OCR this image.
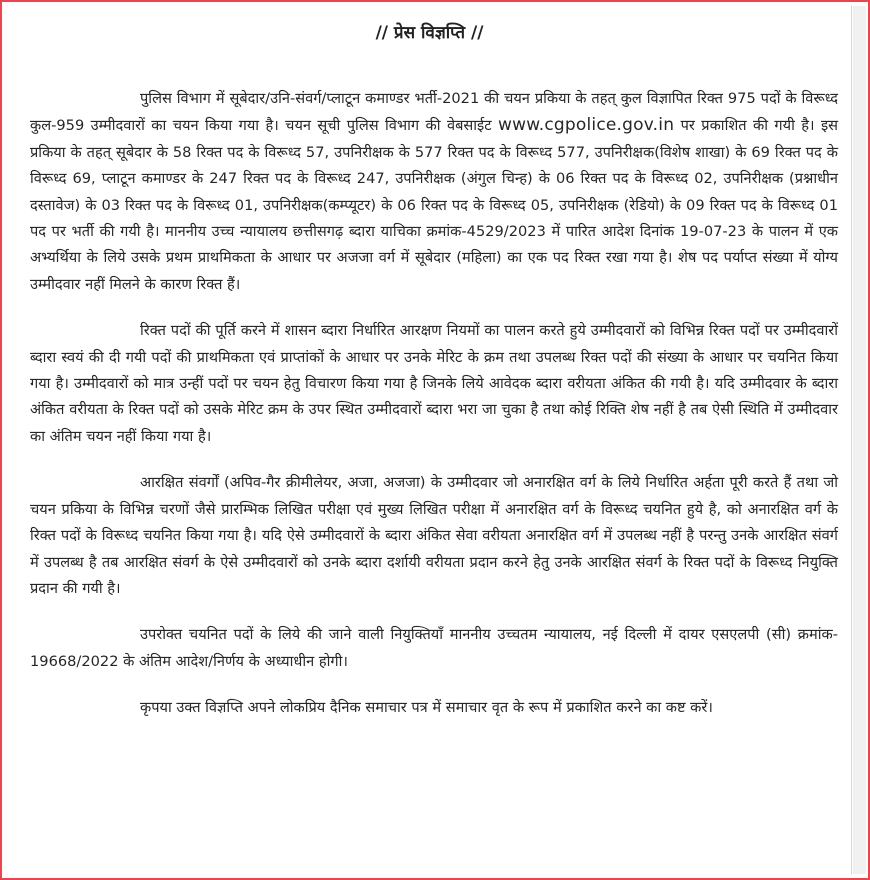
// प्रेस विज्ञप्ति //

पुलिस विभाग में सूबेदार/उनि-संवर्ग/प्लाटून कमाण्डर भर्ती-2021 की चयन प्रकिया के तहत् कुल विज्ञापित रिक्त 975 पदों के विरूध्द कुल-959 उम्मीदवारों का चयन किया गया है। चयन सूची पुलिस विभाग की वेबसाईट www.cgpolice.gov.in पर प्रकाशित की गयी है। इस प्रकिया के तहत् सूबेदार के 58 रिक्त पद के विरूध्द 57, उपनिरीक्षक के 577 रिक्त पद के विरूध्द 577, उपनिरीक्षक(विशेष शाखा) के 69 रिक्त पद के विरूध्द 69, प्लाटून कमाण्डर के 247 रिक्त पद के विरूध्द 247, उपनिरीक्षक (अंगुल चिन्ह) के 06 रिक्त पद के विरूध्द 02, उपनिरीक्षक (प्रश्नाधीन दस्तावेज) के 03 रिक्त पद के विरूध्द 01, उपनिरीक्षक(कम्प्यूटर) के 06 रिक्त पद के विरूध्द 05, उपनिरीक्षक (रेडियो) के 09 रिक्त पद के विरूध्द 01 पद पर भर्ती की गयी है। माननीय उच्च न्यायालय छत्तीसगढ़ ब्दारा याचिका क्रमांक-4529/2023 में पारित आदेश दिनांक 19-07-23 के पालन में एक अभ्यर्थिया के लिये उसके प्रथम प्राथमिकता के आधार पर अजजा वर्ग में सूबेदार (महिला) का एक पद रिक्त रखा गया है। शेष पद पर्याप्त संख्या में योग्य उम्मीदवार नहीं मिलने के कारण रिक्त हैं।

रिक्त पदों की पूर्ति करने में शासन ब्दारा निर्धारित आरक्षण नियमों का पालन करते हुये उम्मीदवारों को विभिन्न रिक्त पदों पर उम्मीदवारों ब्दारा स्वयं की दी गयी पदों की प्राथमिकता एवं प्राप्तांकों के आधार पर उनके मेरिट के क्रम तथा उपलब्ध रिक्त पदों की संख्या के आधार पर चयनित किया गया है। उम्मीदवारों को मात्र उन्हीं पदों पर चयन हेतु विचारण किया गया है जिनके लिये आवेदक ब्दारा वरीयता अंकित की गयी है। यदि उम्मीदवार के ब्दारा अंकित वरीयता के रिक्त पदों को उसके मेरिट क्रम के उपर स्थित उम्मीदवारों ब्दारा भरा जा चुका है तथा कोई रिक्ति शेष नहीं है तब ऐसी स्थिति में उम्मीदवार का अंतिम चयन नहीं किया गया है।

आरक्षित संवर्गों (अपिव-गैर क्रीमीलेयर, अजा, अजजा) के उम्मीदवार जो अनारक्षित वर्ग के लिये निर्धारित अर्हता पूरी करते हैं तथा जो चयन प्रकिया के विभिन्न चरणों जैसे प्रारम्भिक लिखित परीक्षा एवं मुख्य लिखित परीक्षा में अनारक्षित वर्ग के विरूध्द चयनित हुये है, को अनारक्षित वर्ग के रिक्त पदों के विरूध्द चयनित किया गया है। यदि ऐसे उम्मीदवारों के ब्दारा अंकित सेवा वरीयता अनारक्षित वर्ग में उपलब्ध नहीं है परन्तु उनके आरक्षित संवर्ग में उपलब्ध है तब आरक्षित संवर्ग के ऐसे उम्मीदवारों को उनके ब्दारा दर्शायी वरीयता प्रदान करने हेतु उनके आरक्षित संवर्ग के रिक्त पदों के विरूध्द नियुक्ति प्रदान की गयी है।

उपरोक्त चयनित पदों के लिये की जाने वाली नियुक्तियॉं माननीय उच्चतम न्यायालय, नई दिल्ली में दायर एसएलपी (सी) क्रमांक- 19668/2022 के अंतिम आदेश/निर्णय के अध्याधीन होगी।

कृपया उक्त विज्ञप्ति अपने लोकप्रिय दैनिक समाचार पत्र में समाचार वृत के रूप में प्रकाशित करने का कष्ट करें।
